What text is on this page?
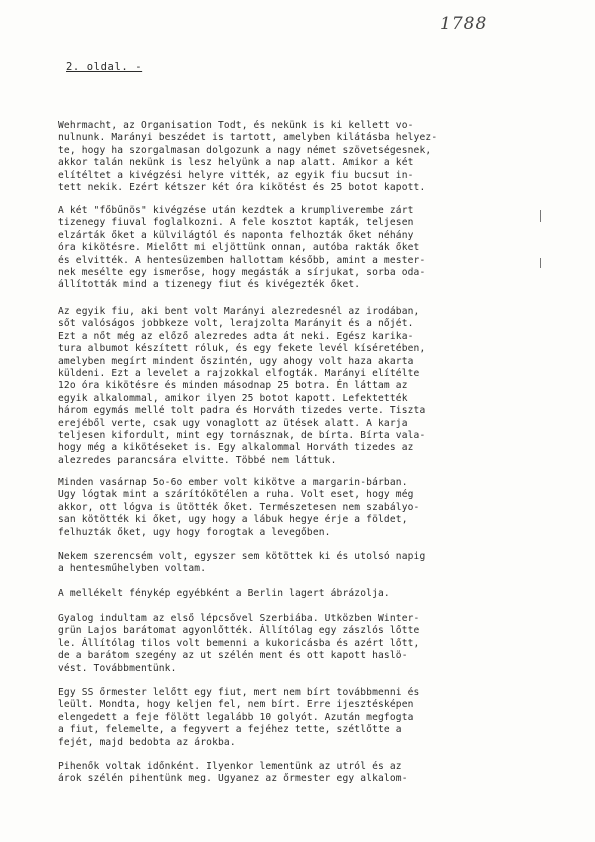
1788
2. oldal. -
Wehrmacht, az Organisation Todt, és nekünk is ki kellett vo-
nulnunk. Marányi beszédet is tartott, amelyben kilátásba helyez-
te, hogy ha szorgalmasan dolgozunk a nagy német szövetségesnek,
akkor talán nekünk is lesz helyünk a nap alatt. Amikor a két
elítéltet a kivégzési helyre vitték, az egyik fiu bucsut in-
tett nekik. Ezért kétszer két óra kikötést és 25 botot kapott.
A két "főbűnös" kivégzése után kezdtek a krumpliverembe zárt
tizenegy fiuval foglalkozni. A fele kosztot kapták, teljesen
elzárták őket a külvilágtól és naponta felhozták őket néhány
óra kikötésre. Mielőtt mi eljöttünk onnan, autóba rakták őket
és elvitték. A hentesüzemben hallottam később, amint a mester-
nek mesélte egy ismerőse, hogy megásták a sírjukat, sorba oda-
állították mind a tizenegy fiut és kivégezték őket.
Az egyik fiu, aki bent volt Marányi alezredesnél az irodában,
sőt valóságos jobbkeze volt, lerajzolta Marányit és a nőjét.
Ezt a nőt még az előző alezredes adta át neki. Egész karika-
tura albumot készített róluk, és egy fekete levél kíséretében,
amelyben megírt mindent őszintén, ugy ahogy volt haza akarta
küldeni. Ezt a levelet a rajzokkal elfogták. Marányi elítélte
12o óra kikötésre és minden másodnap 25 botra. Én láttam az
egyik alkalommal, amikor ilyen 25 botot kapott. Lefektették
három egymás mellé tolt padra és Horváth tizedes verte. Tiszta
erejéből verte, csak ugy vonaglott az ütések alatt. A karja
teljesen kifordult, mint egy tornásznak, de bírta. Bírta vala-
hogy még a kikötéseket is. Egy alkalommal Horváth tizedes az
alezredes parancsára elvitte. Többé nem láttuk.
Minden vasárnap 5o-6o ember volt kikötve a margarin-bárban.
Ugy lógtak mint a szárítókötélen a ruha. Volt eset, hogy még
akkor, ott lógva is ütötték őket. Természetesen nem szabályo-
san kötötték ki őket, ugy hogy a lábuk hegye érje a földet,
felhuzták őket, ugy hogy forogtak a levegőben.
Nekem szerencsém volt, egyszer sem kötöttek ki és utolsó napig
a hentesműhelyben voltam.
A mellékelt fénykép egyébként a Berlin lagert ábrázolja.
Gyalog indultam az első lépcsővel Szerbiába. Utközben Winter-
grün Lajos barátomat agyonlőtték. Állítólag egy zászlós lőtte
le. Állítólag tilos volt bemenni a kukoricásba és azért lőtt,
de a barátom szegény az ut szélén ment és ott kapott haslö-
vést. Továbbmentünk.
Egy SS őrmester lelőtt egy fiut, mert nem bírt továbbmenni és
leült. Mondta, hogy keljen fel, nem bírt. Erre ijesztésképen
elengedett a feje fölött legalább 10 golyót. Azután megfogta
a fiut, felemelte, a fegyvert a fejéhez tette, szétlőtte a
fejét, majd bedobta az árokba.
Pihenők voltak időnként. Ilyenkor lementünk az utról és az
árok szélén pihentünk meg. Ugyanez az őrmester egy alkalom-
